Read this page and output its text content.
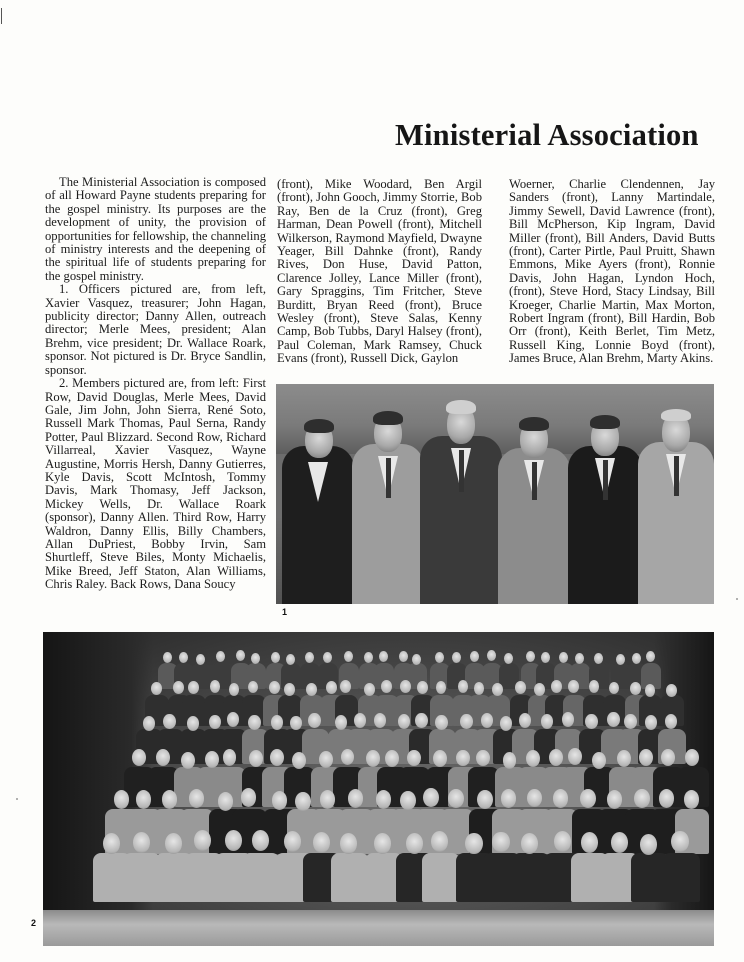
Ministerial Association

The Ministerial Association is composed of all Howard Payne students preparing for the gospel ministry. Its purposes are the development of unity, the provision of opportunities for fellowship, the channeling of ministry interests and the deepening of the spiritual life of students preparing for the gospel ministry.

1. Officers pictured are, from left, Xavier Vasquez, treasurer; John Hagan, publicity director; Danny Allen, outreach director; Merle Mees, president; Alan Brehm, vice president; Dr. Wallace Roark, sponsor. Not pictured is Dr. Bryce Sandlin, sponsor.

2. Members pictured are, from left: First Row, David Douglas, Merle Mees, David Gale, Jim John, John Sierra, René Soto, Russell Mark Thomas, Paul Serna, Randy Potter, Paul Blizzard. Second Row, Richard Villarreal, Xavier Vasquez, Wayne Augustine, Morris Hersh, Danny Gutierres, Kyle Davis, Scott McIntosh, Tommy Davis, Mark Thomasy, Jeff Jackson, Mickey Wells, Dr. Wallace Roark (sponsor), Danny Allen. Third Row, Harry Waldron, Danny Ellis, Billy Chambers, Allan DuPriest, Bobby Irvin, Sam Shurtleff, Steve Biles, Monty Michaelis, Mike Breed, Jeff Staton, Alan Williams, Chris Raley. Back Rows, Dana Soucy

(front), Mike Woodard, Ben Argil (front), John Gooch, Jimmy Storrie, Bob Ray, Ben de la Cruz (front), Greg Harman, Dean Powell (front), Mitchell Wilkerson, Raymond Mayfield, Dwayne Yeager, Bill Dahnke (front), Randy Rives, Don Huse, David Patton, Clarence Jolley, Lance Miller (front), Gary Spraggins, Tim Fritcher, Steve Burditt, Bryan Reed (front), Bruce Wesley (front), Steve Salas, Kenny Camp, Bob Tubbs, Daryl Halsey (front), Paul Coleman, Mark Ramsey, Chuck Evans (front), Russell Dick, Gaylon

Woerner, Charlie Clendennen, Jay Sanders (front), Lanny Martindale, Jimmy Sewell, David Lawrence (front), Bill McPherson, Kip Ingram, David Miller (front), Bill Anders, David Butts (front), Carter Pirtle, Paul Pruitt, Shawn Emmons, Mike Ayers (front), Ronnie Davis, John Hagan, Lyndon Hoch, (front), Steve Hord, Stacy Lindsay, Bill Kroeger, Charlie Martin, Max Morton, Robert Ingram (front), Bill Hardin, Bob Orr (front), Keith Berlet, Tim Metz, Russell King, Lonnie Boyd (front), James Bruce, Alan Brehm, Marty Akins.

1
2
